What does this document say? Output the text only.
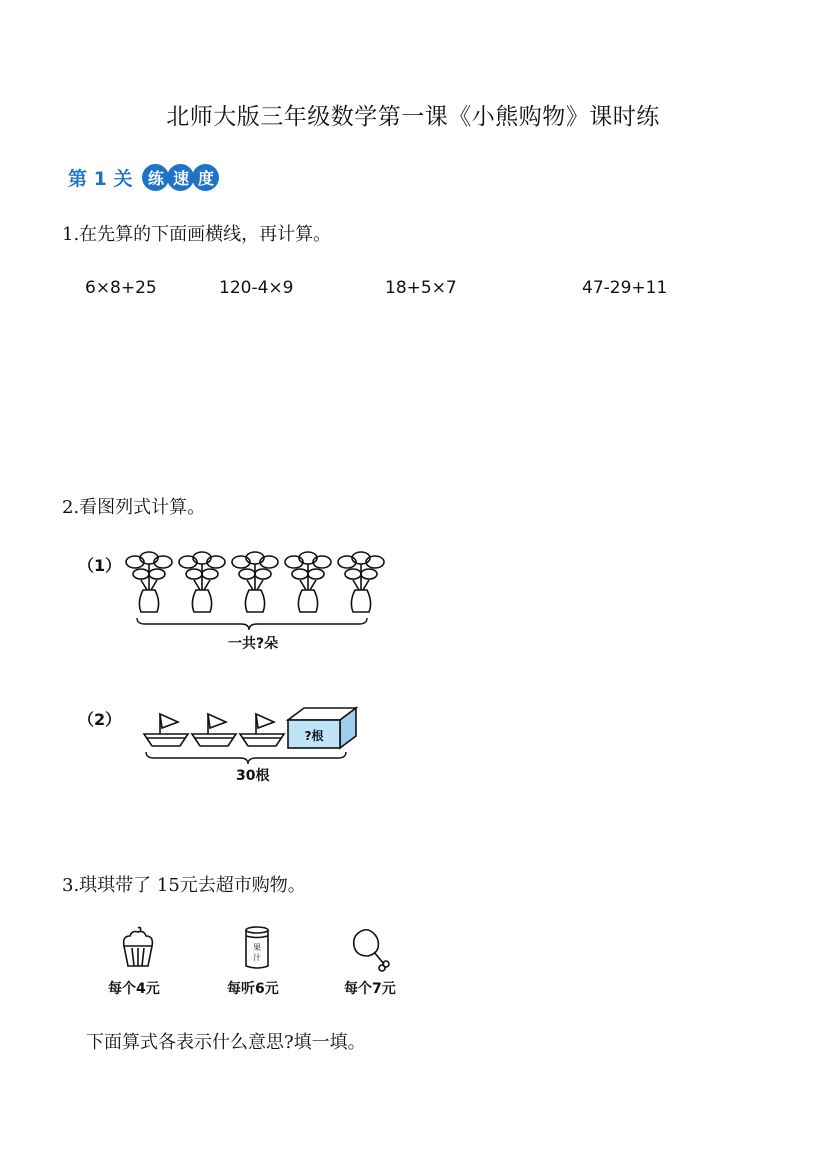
北师大版三年级数学第一课《小熊购物》课时练
第 1 关 练 速 度
1.在先算的下面画横线，再计算。
6×8+25	120-4×9	18+5×7	47-29+11
2.看图列式计算。
（1）
一共?朵
（2）
?根
30根
3.琪琪带了 15元去超市购物。
果
汁
每个4元	每听6元	每个7元
下面算式各表示什么意思?填一填。
